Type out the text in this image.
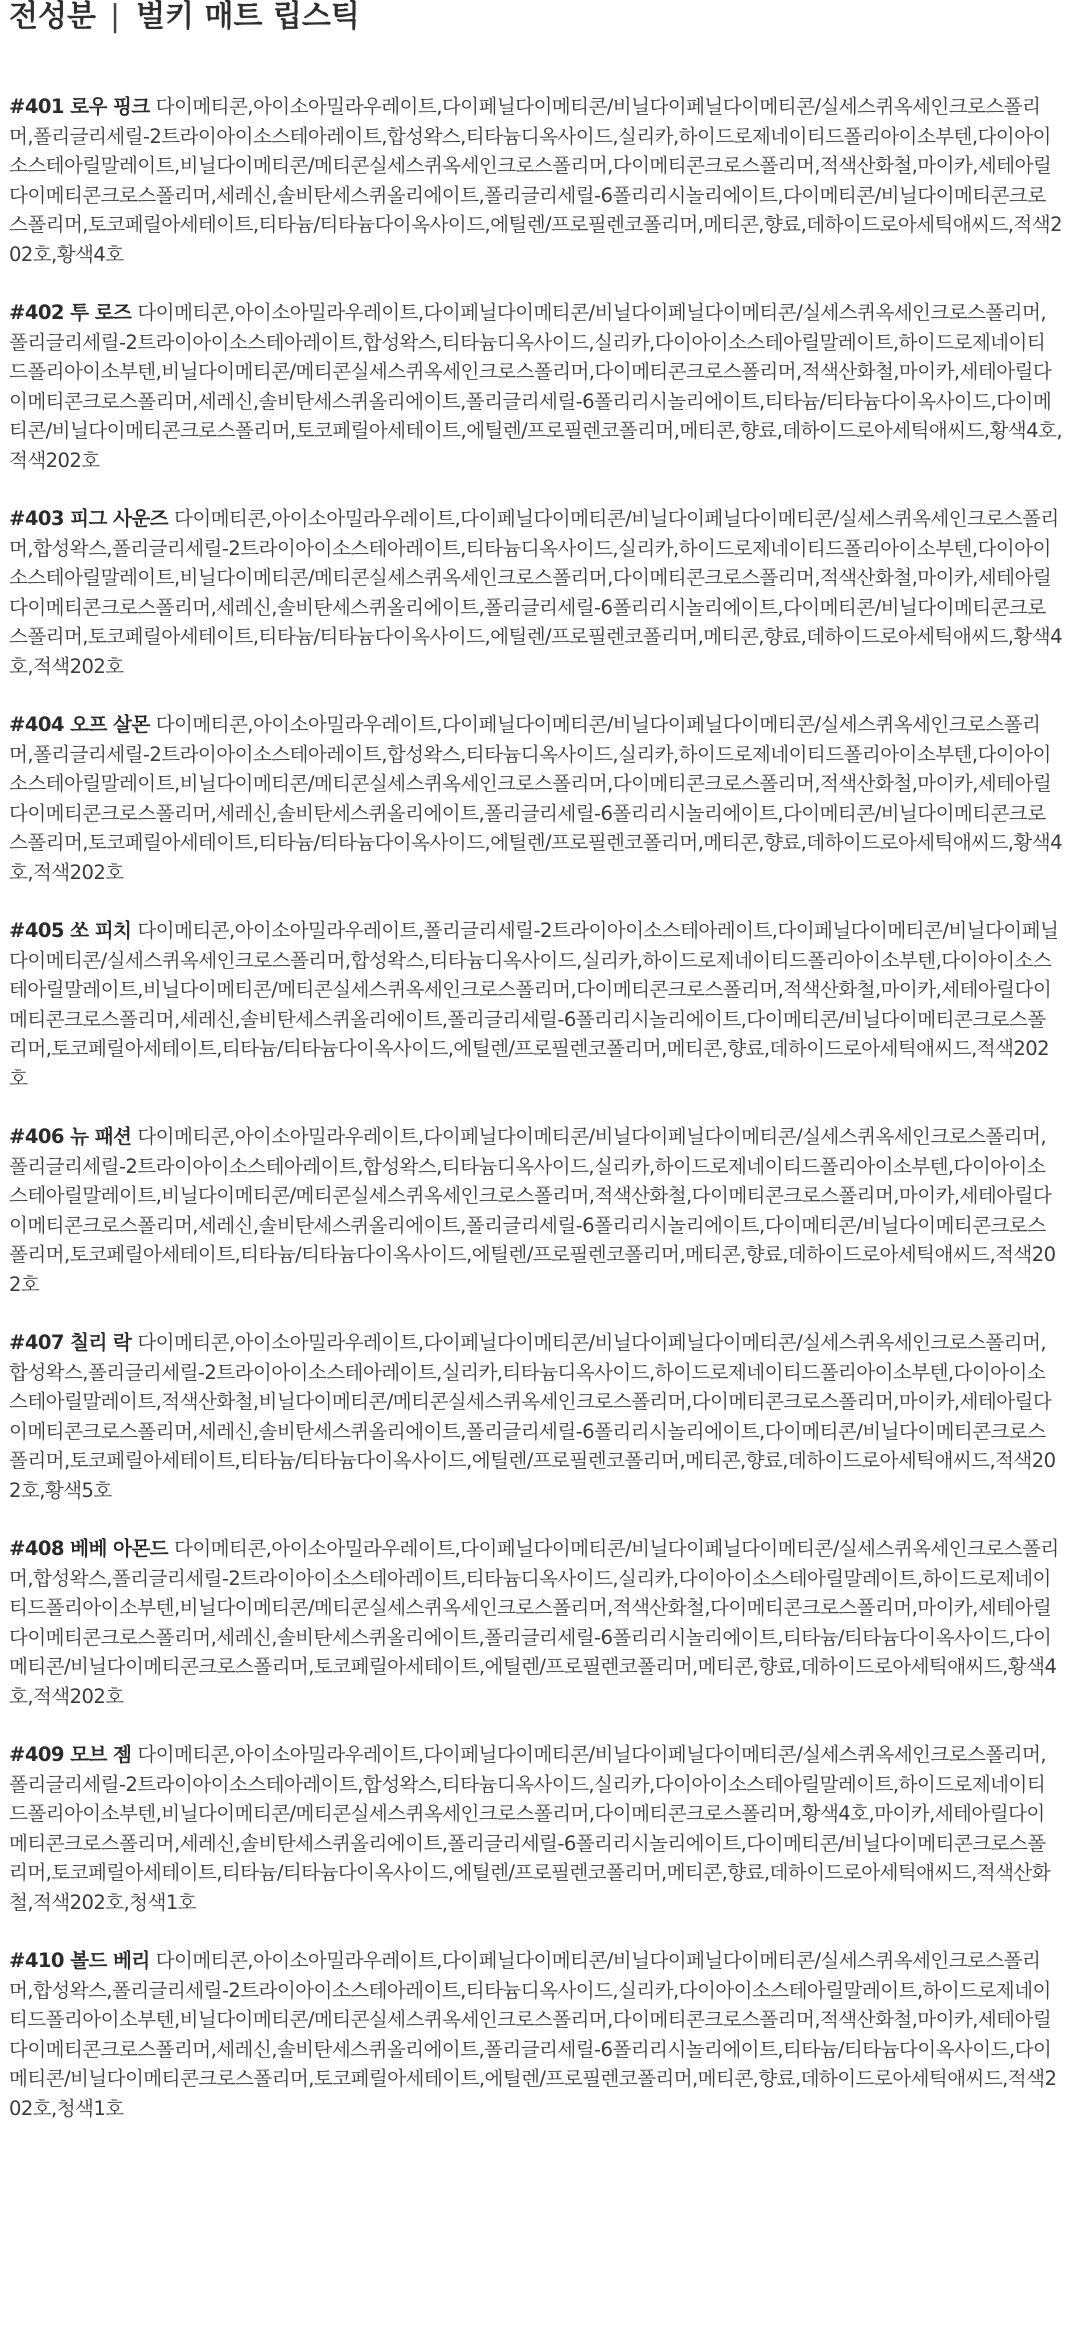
전성분 | 벌키 매트 립스틱

#401 로우 핑크 다이메티콘,아이소아밀라우레이트,다이페닐다이메티콘/비닐다이페닐다이메티콘/실세스퀴옥세인크로스폴리머,폴리글리세릴-2트라이아이소스테아레이트,합성왁스,티타늄디옥사이드,실리카,하이드로제네이티드폴리아이소부텐,다이아이소스테아릴말레이트,비닐다이메티콘/메티콘실세스퀴옥세인크로스폴리머,다이메티콘크로스폴리머,적색산화철,마이카,세테아릴다이메티콘크로스폴리머,세레신,솔비탄세스퀴올리에이트,폴리글리세릴-6폴리리시놀리에이트,다이메티콘/비닐다이메티콘크로스폴리머,토코페릴아세테이트,티타늄/티타늄다이옥사이드,에틸렌/프로필렌코폴리머,메티콘,향료,데하이드로아세틱애씨드,적색202호,황색4호

#402 투 로즈 다이메티콘,아이소아밀라우레이트,다이페닐다이메티콘/비닐다이페닐다이메티콘/실세스퀴옥세인크로스폴리머,폴리글리세릴-2트라이아이소스테아레이트,합성왁스,티타늄디옥사이드,실리카,다이아이소스테아릴말레이트,하이드로제네이티드폴리아이소부텐,비닐다이메티콘/메티콘실세스퀴옥세인크로스폴리머,다이메티콘크로스폴리머,적색산화철,마이카,세테아릴다이메티콘크로스폴리머,세레신,솔비탄세스퀴올리에이트,폴리글리세릴-6폴리리시놀리에이트,티타늄/티타늄다이옥사이드,다이메티콘/비닐다이메티콘크로스폴리머,토코페릴아세테이트,에틸렌/프로필렌코폴리머,메티콘,향료,데하이드로아세틱애씨드,황색4호,적색202호

#403 피그 사운즈 다이메티콘,아이소아밀라우레이트,다이페닐다이메티콘/비닐다이페닐다이메티콘/실세스퀴옥세인크로스폴리머,합성왁스,폴리글리세릴-2트라이아이소스테아레이트,티타늄디옥사이드,실리카,하이드로제네이티드폴리아이소부텐,다이아이소스테아릴말레이트,비닐다이메티콘/메티콘실세스퀴옥세인크로스폴리머,다이메티콘크로스폴리머,적색산화철,마이카,세테아릴다이메티콘크로스폴리머,세레신,솔비탄세스퀴올리에이트,폴리글리세릴-6폴리리시놀리에이트,다이메티콘/비닐다이메티콘크로스폴리머,토코페릴아세테이트,티타늄/티타늄다이옥사이드,에틸렌/프로필렌코폴리머,메티콘,향료,데하이드로아세틱애씨드,황색4호,적색202호

#404 오프 살몬 다이메티콘,아이소아밀라우레이트,다이페닐다이메티콘/비닐다이페닐다이메티콘/실세스퀴옥세인크로스폴리머,폴리글리세릴-2트라이아이소스테아레이트,합성왁스,티타늄디옥사이드,실리카,하이드로제네이티드폴리아이소부텐,다이아이소스테아릴말레이트,비닐다이메티콘/메티콘실세스퀴옥세인크로스폴리머,다이메티콘크로스폴리머,적색산화철,마이카,세테아릴다이메티콘크로스폴리머,세레신,솔비탄세스퀴올리에이트,폴리글리세릴-6폴리리시놀리에이트,다이메티콘/비닐다이메티콘크로스폴리머,토코페릴아세테이트,티타늄/티타늄다이옥사이드,에틸렌/프로필렌코폴리머,메티콘,향료,데하이드로아세틱애씨드,황색4호,적색202호

#405 쏘 피치 다이메티콘,아이소아밀라우레이트,폴리글리세릴-2트라이아이소스테아레이트,다이페닐다이메티콘/비닐다이페닐다이메티콘/실세스퀴옥세인크로스폴리머,합성왁스,티타늄디옥사이드,실리카,하이드로제네이티드폴리아이소부텐,다이아이소스테아릴말레이트,비닐다이메티콘/메티콘실세스퀴옥세인크로스폴리머,다이메티콘크로스폴리머,적색산화철,마이카,세테아릴다이메티콘크로스폴리머,세레신,솔비탄세스퀴올리에이트,폴리글리세릴-6폴리리시놀리에이트,다이메티콘/비닐다이메티콘크로스폴리머,토코페릴아세테이트,티타늄/티타늄다이옥사이드,에틸렌/프로필렌코폴리머,메티콘,향료,데하이드로아세틱애씨드,적색202호

#406 뉴 패션 다이메티콘,아이소아밀라우레이트,다이페닐다이메티콘/비닐다이페닐다이메티콘/실세스퀴옥세인크로스폴리머,폴리글리세릴-2트라이아이소스테아레이트,합성왁스,티타늄디옥사이드,실리카,하이드로제네이티드폴리아이소부텐,다이아이소스테아릴말레이트,비닐다이메티콘/메티콘실세스퀴옥세인크로스폴리머,적색산화철,다이메티콘크로스폴리머,마이카,세테아릴다이메티콘크로스폴리머,세레신,솔비탄세스퀴올리에이트,폴리글리세릴-6폴리리시놀리에이트,다이메티콘/비닐다이메티콘크로스폴리머,토코페릴아세테이트,티타늄/티타늄다이옥사이드,에틸렌/프로필렌코폴리머,메티콘,향료,데하이드로아세틱애씨드,적색202호

#407 칠리 락 다이메티콘,아이소아밀라우레이트,다이페닐다이메티콘/비닐다이페닐다이메티콘/실세스퀴옥세인크로스폴리머,합성왁스,폴리글리세릴-2트라이아이소스테아레이트,실리카,티타늄디옥사이드,하이드로제네이티드폴리아이소부텐,다이아이소스테아릴말레이트,적색산화철,비닐다이메티콘/메티콘실세스퀴옥세인크로스폴리머,다이메티콘크로스폴리머,마이카,세테아릴다이메티콘크로스폴리머,세레신,솔비탄세스퀴올리에이트,폴리글리세릴-6폴리리시놀리에이트,다이메티콘/비닐다이메티콘크로스폴리머,토코페릴아세테이트,티타늄/티타늄다이옥사이드,에틸렌/프로필렌코폴리머,메티콘,향료,데하이드로아세틱애씨드,적색202호,황색5호

#408 베베 아몬드 다이메티콘,아이소아밀라우레이트,다이페닐다이메티콘/비닐다이페닐다이메티콘/실세스퀴옥세인크로스폴리머,합성왁스,폴리글리세릴-2트라이아이소스테아레이트,티타늄디옥사이드,실리카,다이아이소스테아릴말레이트,하이드로제네이티드폴리아이소부텐,비닐다이메티콘/메티콘실세스퀴옥세인크로스폴리머,적색산화철,다이메티콘크로스폴리머,마이카,세테아릴다이메티콘크로스폴리머,세레신,솔비탄세스퀴올리에이트,폴리글리세릴-6폴리리시놀리에이트,티타늄/티타늄다이옥사이드,다이메티콘/비닐다이메티콘크로스폴리머,토코페릴아세테이트,에틸렌/프로필렌코폴리머,메티콘,향료,데하이드로아세틱애씨드,황색4호,적색202호

#409 모브 젬 다이메티콘,아이소아밀라우레이트,다이페닐다이메티콘/비닐다이페닐다이메티콘/실세스퀴옥세인크로스폴리머,폴리글리세릴-2트라이아이소스테아레이트,합성왁스,티타늄디옥사이드,실리카,다이아이소스테아릴말레이트,하이드로제네이티드폴리아이소부텐,비닐다이메티콘/메티콘실세스퀴옥세인크로스폴리머,다이메티콘크로스폴리머,황색4호,마이카,세테아릴다이메티콘크로스폴리머,세레신,솔비탄세스퀴올리에이트,폴리글리세릴-6폴리리시놀리에이트,다이메티콘/비닐다이메티콘크로스폴리머,토코페릴아세테이트,티타늄/티타늄다이옥사이드,에틸렌/프로필렌코폴리머,메티콘,향료,데하이드로아세틱애씨드,적색산화철,적색202호,청색1호

#410 볼드 베리 다이메티콘,아이소아밀라우레이트,다이페닐다이메티콘/비닐다이페닐다이메티콘/실세스퀴옥세인크로스폴리머,합성왁스,폴리글리세릴-2트라이아이소스테아레이트,티타늄디옥사이드,실리카,다이아이소스테아릴말레이트,하이드로제네이티드폴리아이소부텐,비닐다이메티콘/메티콘실세스퀴옥세인크로스폴리머,다이메티콘크로스폴리머,적색산화철,마이카,세테아릴다이메티콘크로스폴리머,세레신,솔비탄세스퀴올리에이트,폴리글리세릴-6폴리리시놀리에이트,티타늄/티타늄다이옥사이드,다이메티콘/비닐다이메티콘크로스폴리머,토코페릴아세테이트,에틸렌/프로필렌코폴리머,메티콘,향료,데하이드로아세틱애씨드,적색202호,청색1호
